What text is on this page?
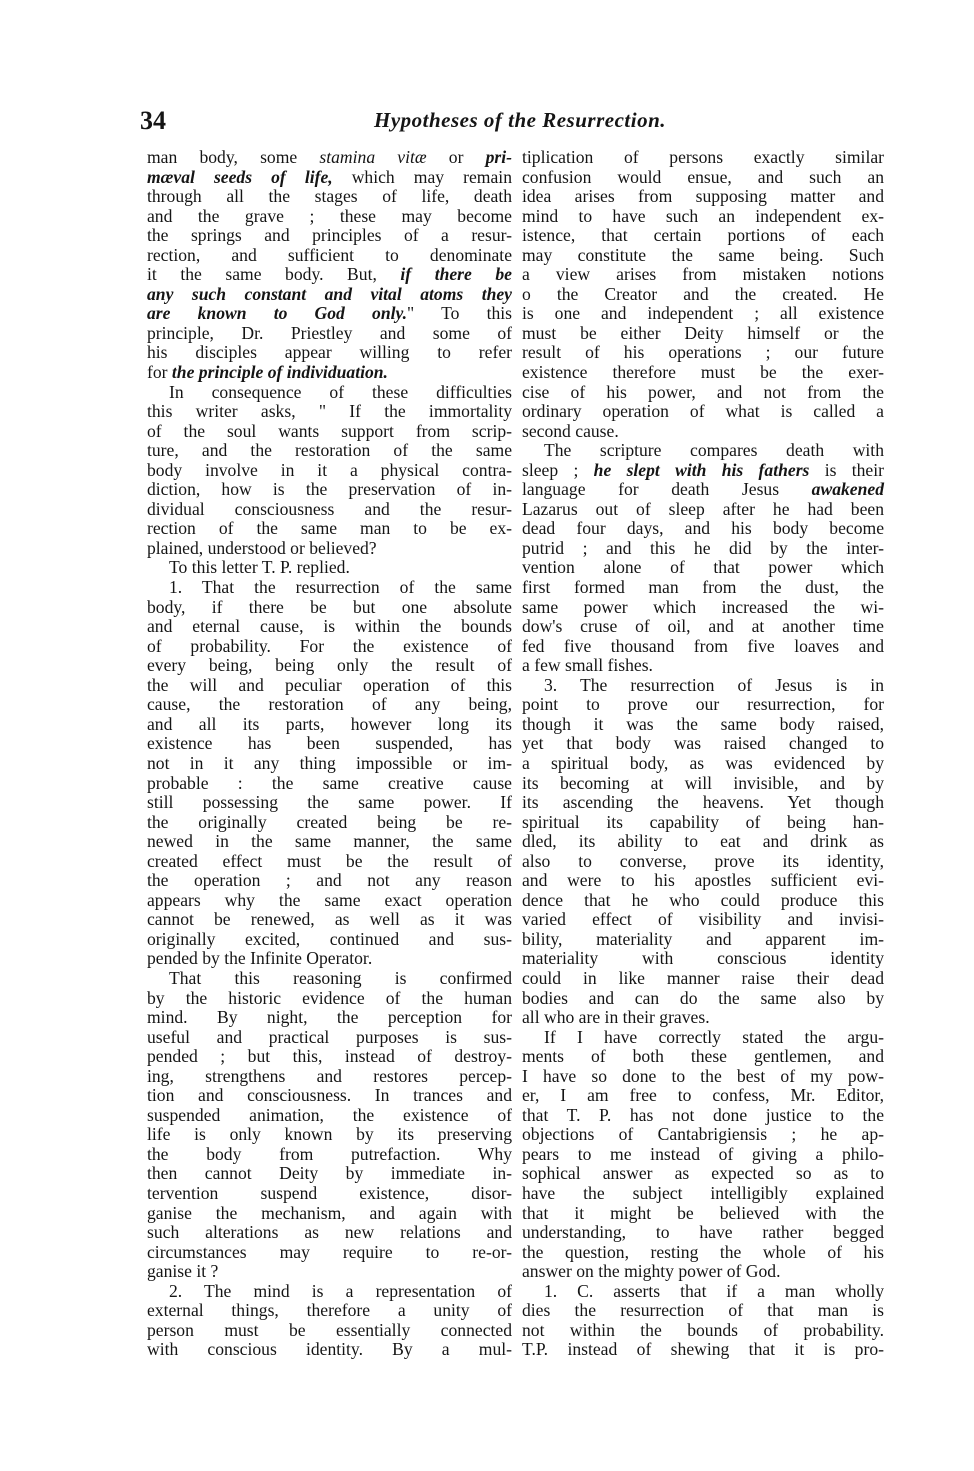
34	Hypotheses of the Resurrection.
man body, some stamina vitæ or pri-
mæval seeds of life, which may remain
through all the stages of life, death
and the grave ; these may become
the springs and principles of a resur-
rection, and sufficient to denominate
it the same body. But, if there be
any such constant and vital atoms they
are known to God only." To this
principle, Dr. Priestley and some of
his disciples appear willing to refer
for the principle of individuation.
In consequence of these difficulties
this writer asks, " If the immortality
of the soul wants support from scrip-
ture, and the restoration of the same
body involve in it a physical contra-
diction, how is the preservation of in-
dividual consciousness and the resur-
rection of the same man to be ex-
plained, understood or believed?
To this letter T. P. replied.
1. That the resurrection of the same
body, if there be but one absolute
and eternal cause, is within the bounds
of probability. For the existence of
every being, being only the result of
the will and peculiar operation of this
cause, the restoration of any being,
and all its parts, however long its
existence has been suspended, has
not in it any thing impossible or im-
probable : the same creative cause
still possessing the same power. If
the originally created being be re-
newed in the same manner, the same
created effect must be the result of
the operation ; and not any reason
appears why the same exact operation
cannot be renewed, as well as it was
originally excited, continued and sus-
pended by the Infinite Operator.
That this reasoning is confirmed
by the historic evidence of the human
mind. By night, the perception for
useful and practical purposes is sus-
pended ; but this, instead of destroy-
ing, strengthens and restores percep-
tion and consciousness. In trances and
suspended animation, the existence of
life is only known by its preserving
the body from putrefaction. Why
then cannot Deity by immediate in-
tervention suspend existence, disor-
ganise the mechanism, and again with
such alterations as new relations and
circumstances may require to re-or-
ganise it ?
2. The mind is a representation of
external things, therefore a unity of
person must be essentially connected
with conscious identity. By a mul-
tiplication of persons exactly similar
confusion would ensue, and such an
idea arises from supposing matter and
mind to have such an independent ex-
istence, that certain portions of each
may constitute the same being. Such
a view arises from mistaken notions
o the Creator and the created. He
is one and independent ; all existence
must be either Deity himself or the
result of his operations ; our future
existence therefore must be the exer-
cise of his power, and not from the
ordinary operation of what is called a
second cause.
The scripture compares death with
sleep ; he slept with his fathers is their
language for death Jesus awakened
Lazarus out of sleep after he had been
dead four days, and his body become
putrid ; and this he did by the inter-
vention alone of that power which
first formed man from the dust, the
same power which increased the wi-
dow's cruse of oil, and at another time
fed five thousand from five loaves and
a few small fishes.
3. The resurrection of Jesus is in
point to prove our resurrection, for
though it was the same body raised,
yet that body was raised changed to
a spiritual body, as was evidenced by
its becoming at will invisible, and by
its ascending the heavens. Yet though
spiritual its capability of being han-
dled, its ability to eat and drink as
also to converse, prove its identity,
and were to his apostles sufficient evi-
dence that he who could produce this
varied effect of visibility and invisi-
bility, materiality and apparent im-
materiality with conscious identity
could in like manner raise their dead
bodies and can do the same also by
all who are in their graves.
If I have correctly stated the argu-
ments of both these gentlemen, and
I have so done to the best of my pow-
er, I am free to confess, Mr. Editor,
that T. P. has not done justice to the
objections of Cantabrigiensis ; he ap-
pears to me instead of giving a philo-
sophical answer as expected so as to
have the subject intelligibly explained
that it might be believed with the
understanding, to have rather begged
the question, resting the whole of his
answer on the mighty power of God.
1. C. asserts that if a man wholly
dies the resurrection of that man is
not within the bounds of probability.
T.P. instead of shewing that it is pro-
